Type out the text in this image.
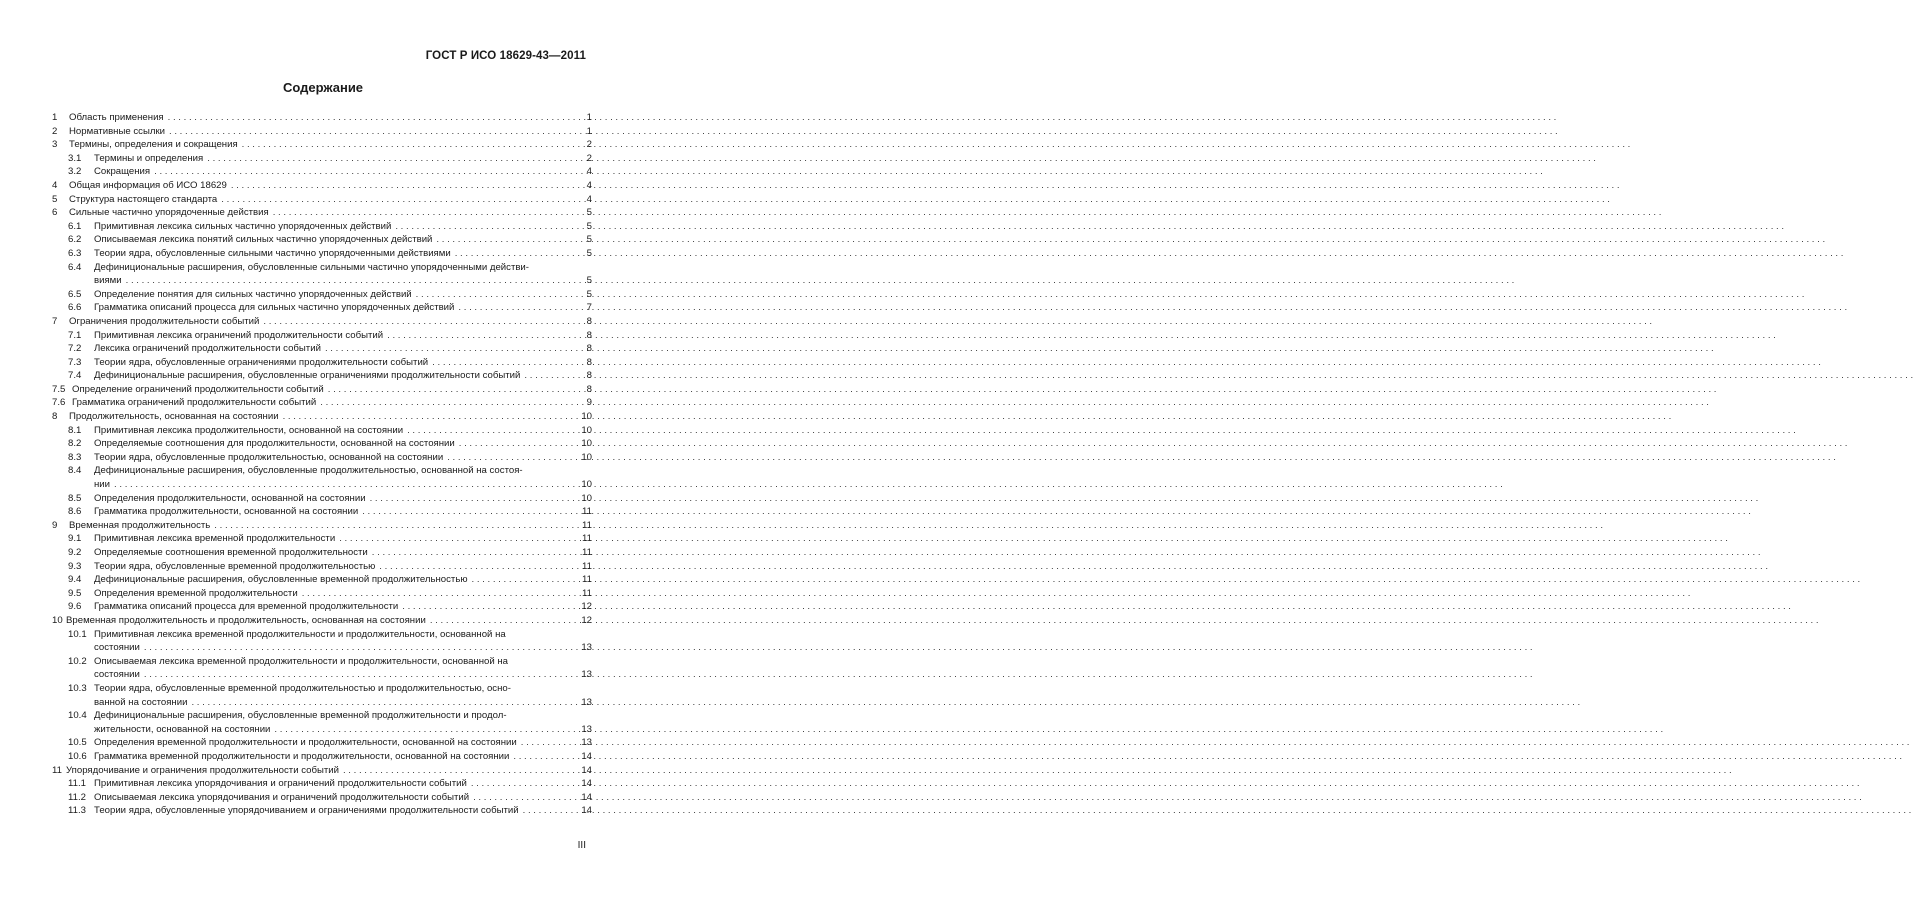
ГОСТ Р ИСО 18629-43—2011
Содержание
1	Область применения . . .	1
2	Нормативные ссылки . . .	1
3	Термины, определения и сокращения . . .	2
3.1	Термины и определения . . .	2
3.2	Сокращения . . .	4
4	Общая информация об ИСО 18629 . . .	4
5	Структура настоящего стандарта . . .	4
6	Сильные частично упорядоченные действия . . .	5
6.1	Примитивная лексика сильных частично упорядоченных действий . . .	5
6.2	Описываемая лексика понятий сильных частично упорядоченных действий . . .	5
6.3	Теории ядра, обусловленные сильными частично упорядоченными действиями . . .	5
6.4	Дефинициональные расширения, обусловленные сильными частично упорядоченными действи-
виями . . .	5
6.5	Определение понятия для сильных частично упорядоченных действий . . .	5
6.6	Грамматика описаний процесса для сильных частично упорядоченных действий . . .	7
7	Ограничения продолжительности событий . . .	8
7.1	Примитивная лексика ограничений продолжительности событий . . .	8
7.2	Лексика ограничений продолжительности событий . . .	8
7.3	Теории ядра, обусловленные ограничениями продолжительности событий . . .	8
7.4	Дефинициональные расширения, обусловленные ограничениями продолжительности событий . . .	8
7.5 Определение ограничений продолжительности событий . . .	8
7.6 Грамматика ограничений продолжительности событий . . .	9
8	Продолжительность, основанная на состоянии . . .	10
8.1	Примитивная лексика продолжительности, основанной на состоянии . . .	10
8.2	Определяемые соотношения для продолжительности, основанной на состоянии . . .	10
8.3	Теории ядра, обусловленные продолжительностью, основанной на состоянии . . .	10
8.4	Дефинициональные расширения, обусловленные продолжительностью, основанной на состоя-
нии . . .	10
8.5	Определения продолжительности, основанной на состоянии . . .	10
8.6	Грамматика продолжительности, основанной на состоянии . . .	11
9	Временная продолжительность . . .	11
9.1	Примитивная лексика временной продолжительности . . .	11
9.2	Определяемые соотношения временной продолжительности . . .	11
9.3	Теории ядра, обусловленные временной продолжительностью . . .	11
9.4	Дефинициональные расширения, обусловленные временной продолжительностью . . .	11
9.5	Определения временной продолжительности . . .	11
9.6	Грамматика описаний процесса для временной продолжительности . . .	12
10 Временная продолжительность и продолжительность, основанная на состоянии . . .	12
10.1 Примитивная лексика временной продолжительности и продолжительности, основанной на
состоянии . . .	13
10.2 Описываемая лексика временной продолжительности и продолжительности, основанной на
состоянии . . .	13
10.3 Теории ядра, обусловленные временной продолжительностью и продолжительностью, осно-
ванной на состоянии . . .	13
10.4 Дефинициональные расширения, обусловленные временной продолжительности и продол-
жительности, основанной на состоянии . . .	13
10.5 Определения временной продолжительности и продолжительности, основанной на состоянии . . .	13
10.6 Грамматика временной продолжительности и продолжительности, основанной на состоянии . . .	14
11 Упорядочивание и ограничения продолжительности событий . . .	14
11.1 Примитивная лексика упорядочивания и ограничений продолжительности событий . . .	14
11.2 Описываемая лексика упорядочивания и ограничений продолжительности событий . . .	14
11.3 Теории ядра, обусловленные упорядочиванием и ограничениями продолжительности событий . . .	14
III
